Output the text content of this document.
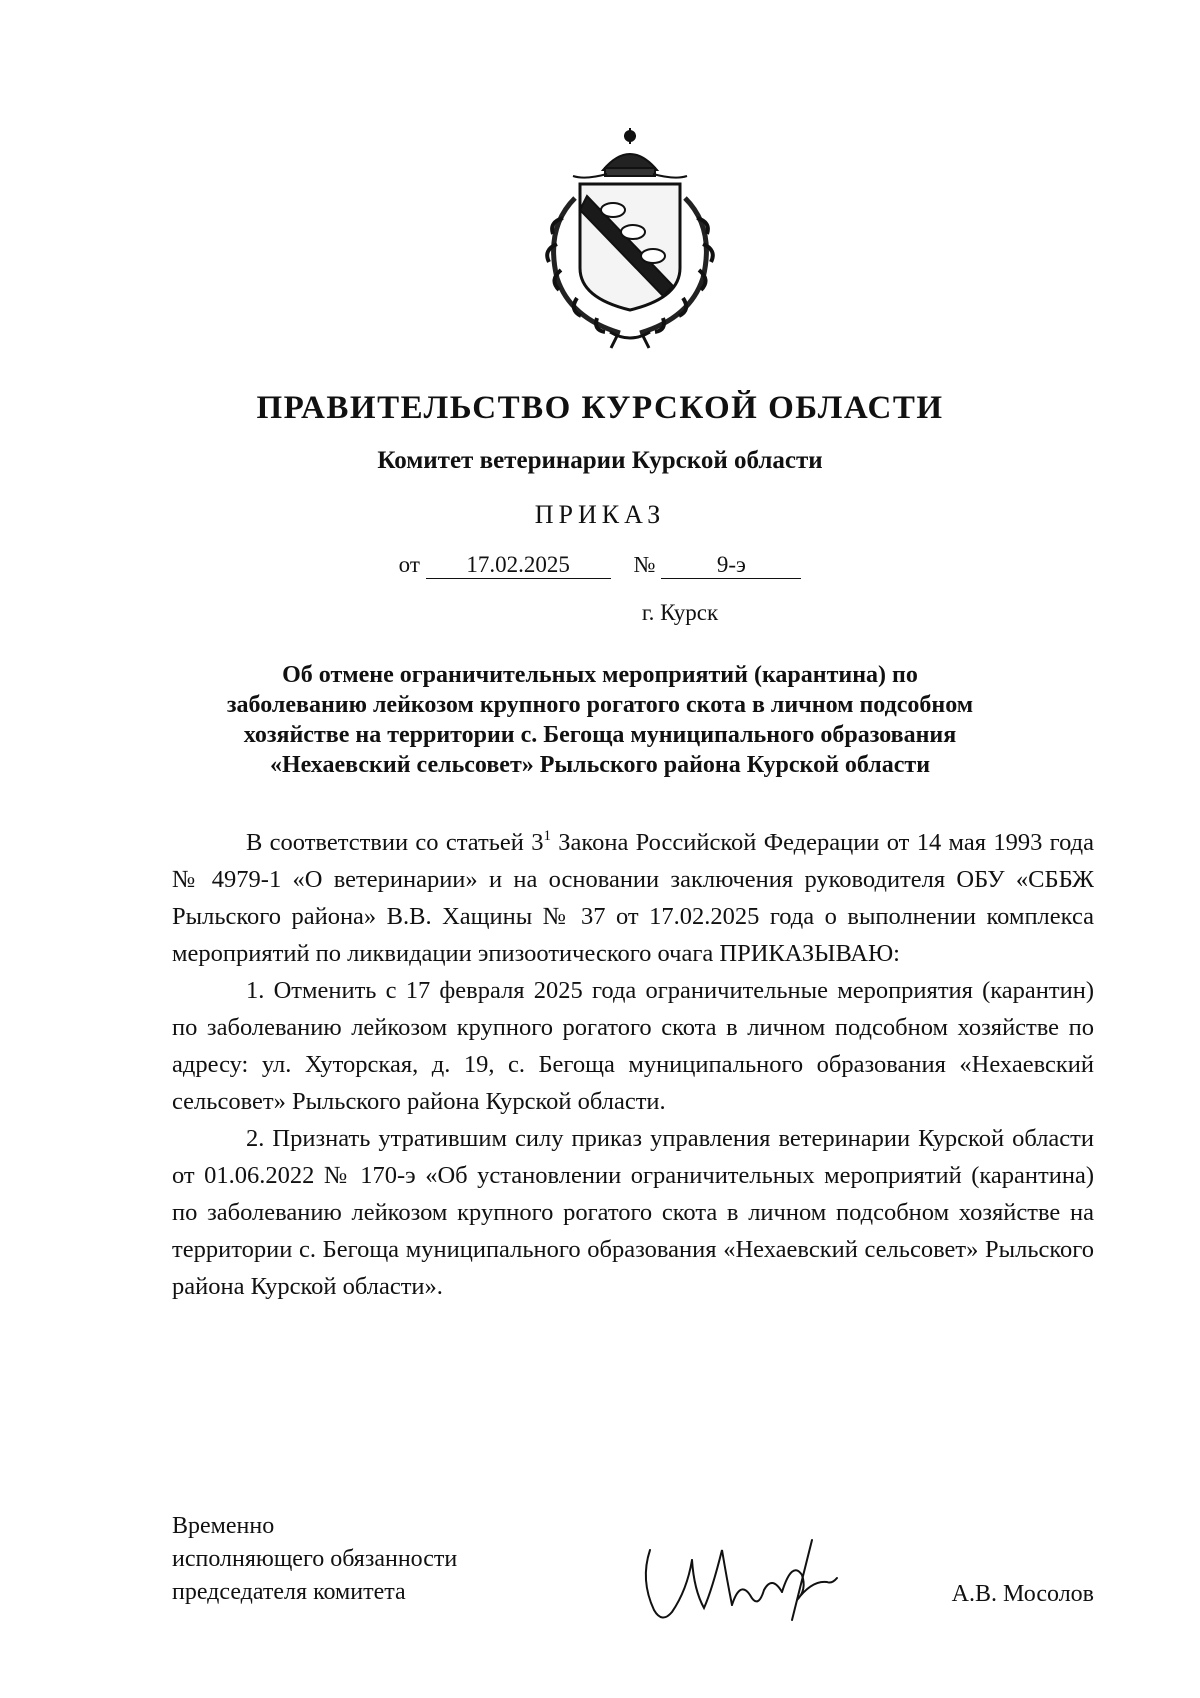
ПРАВИТЕЛЬСТВО КУРСКОЙ ОБЛАСТИ
Комитет ветеринарии Курской области
ПРИКАЗ
от 17.02.2025	№	9-э
г. Курск
Об отмене ограничительных мероприятий (карантина) по
заболеванию лейкозом крупного рогатого скота в личном подсобном
хозяйстве на территории с. Бегоща муниципального образования
«Нехаевский сельсовет» Рыльского района Курской области

В соответствии со статьей $3^1$ Закона Российской Федерации от 14 мая 1993 года № 4979-1 «О ветеринарии» и на основании заключения руководителя ОБУ «СББЖ Рыльского района» В.В. Хащины № 37 от 17.02.2025 года о выполнении комплекса мероприятий по ликвидации эпизоотического очага ПРИКАЗЫВАЮ:

1. Отменить с 17 февраля 2025 года ограничительные мероприятия (карантин) по заболеванию лейкозом крупного рогатого скота в личном подсобном хозяйстве по адресу: ул. Хуторская, д. 19, с. Бегоща муниципального образования «Нехаевский сельсовет» Рыльского района Курской области.

2. Признать утратившим силу приказ управления ветеринарии Курской области от 01.06.2022 № 170-э «Об установлении ограничительных мероприятий (карантина) по заболеванию лейкозом крупного рогатого скота в личном подсобном хозяйстве на территории с. Бегоща муниципального образования «Нехаевский сельсовет» Рыльского района Курской области».

Временно
исполняющего обязанности
председателя комитета	А.В. Мосолов
